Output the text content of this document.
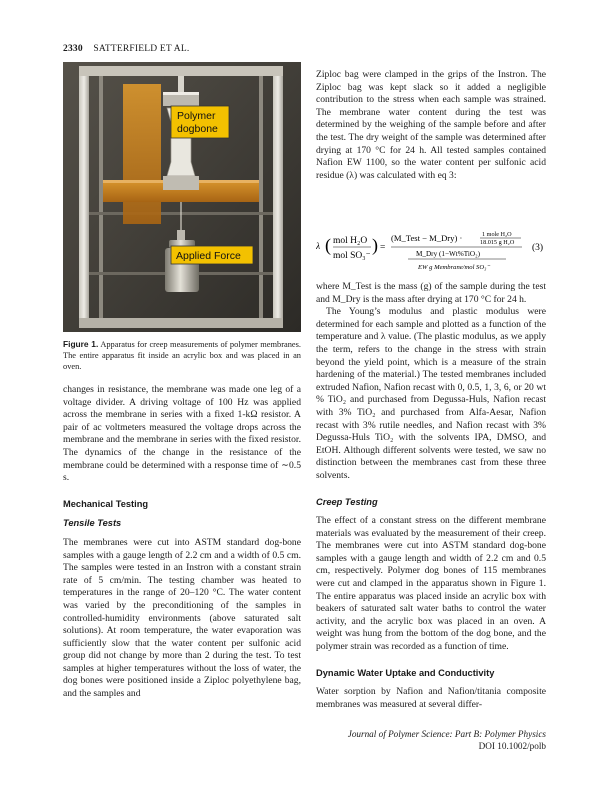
2330 SATTERFIELD ET AL.
Polymer
dogbone
Applied Force
Figure 1. Apparatus for creep measurements of polymer membranes. The entire apparatus fit inside an acrylic box and was placed in an oven.

changes in resistance, the membrane was made one leg of a voltage divider. A driving voltage of 100 Hz was applied across the membrane in series with a fixed 1-kΩ resistor. A pair of ac voltmeters measured the voltage drops across the membrane and the membrane in series with the fixed resistor. The dynamics of the change in the resistance of the membrane could be determined with a response time of ∼0.5 s.

Mechanical Testing

Tensile Tests

The membranes were cut into ASTM standard dog-bone samples with a gauge length of 2.2 cm and a width of 0.5 cm. The samples were tested in an Instron with a constant strain rate of 5 cm/min. The testing chamber was heated to temperatures in the range of 20–120 °C. The water content was varied by the preconditioning of the samples in controlled-humidity environments (above saturated salt solutions). At room temperature, the water evaporation was sufficiently slow that the water content per sulfonic acid group did not change by more than 2 during the test. To test samples at higher temperatures without the loss of water, the dog bones were positioned inside a Ziploc polyethylene bag, and the samples and

Ziploc bag were clamped in the grips of the Instron. The Ziploc bag was kept slack so it added a negligible contribution to the stress when each sample was strained. The membrane water content during the test was determined by the weighing of the sample before and after the test. The dry weight of the sample was determined after drying at 170 °C for 24 h. All tested samples contained Nafion EW 1100, so the water content per sulfonic acid residue (λ) was calculated with eq 3:

λ ( mol H₂O
mol SO₃⁻
) =
(M_Test − M_Dry) ·	1 mole H₂O
18.015 g H₂O
M_Dry (1−Wt%TiO₂)
EW g Membrane/mol SO₃⁻
(3)

where M_Test is the mass (g) of the sample during the test and M_Dry is the mass after drying at 170 °C for 24 h.

The Young’s modulus and plastic modulus were determined for each sample and plotted as a function of the temperature and λ value. (The plastic modulus, as we apply the term, refers to the change in the stress with strain beyond the yield point, which is a measure of the strain hardening of the material.) The tested membranes included extruded Nafion, Nafion recast with 0, 0.5, 1, 3, 6, or 20 wt % TiO₂ and purchased from Degussa-Huls, Nafion recast with 3% TiO₂ and purchased from Alfa-Aesar, Nafion recast with 3% rutile needles, and Nafion recast with 3% Degussa-Huls TiO₂ with the solvents IPA, DMSO, and EtOH. Although different solvents were tested, we saw no distinction between the membranes cast from these three solvents.

Creep Testing

The effect of a constant stress on the different membrane materials was evaluated by the measurement of their creep. The membranes were cut into ASTM standard dog-bone samples with a gauge length and width of 2.2 cm and 0.5 cm, respectively. Polymer dog bones of 115 membranes were cut and clamped in the apparatus shown in Figure 1. The entire apparatus was placed inside an acrylic box with beakers of saturated salt water baths to control the water activity, and the acrylic box was placed in an oven. A weight was hung from the bottom of the dog bone, and the polymer strain was recorded as a function of time.

Dynamic Water Uptake and Conductivity

Water sorption by Nafion and Nafion/titania composite membranes was measured at several differ-

Journal of Polymer Science: Part B: Polymer Physics
DOI 10.1002/polb
